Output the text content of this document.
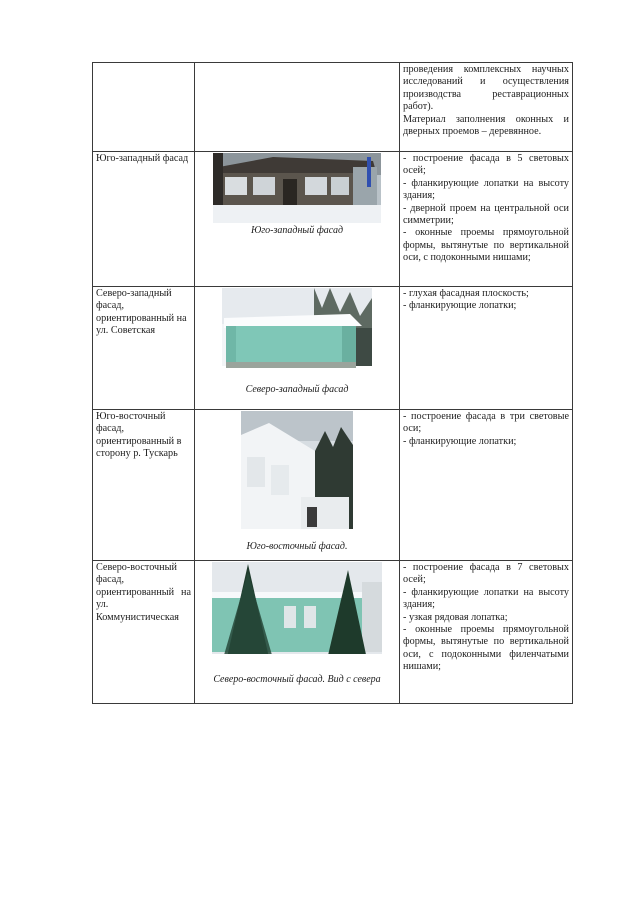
		проведения комплексных научных исследований и осуществления производства реставрационных работ).

Материал заполнения оконных и дверных проемов – деревянное.

Юго-западный фасад	Юго-западный фасад	- построение фасада в 5 световых осей;

- фланкирующие лопатки на высоту здания;

- дверной проем на центральной оси симметрии;

- оконные проемы прямоугольной формы, вытянутые по вертикальной оси, с подоконными нишами;

Северо-западный фасад, ориентированный на ул. Советская	Северо-западный фасад	- глухая фасадная плоскость;

- фланкирующие лопатки;

Юго-восточный фасад, ориентированный в сторону р. Тускарь	Юго-восточный фасад.	- построение фасада в три световые оси;

- фланкирующие лопатки;

Северо-восточный фасад, ориентированный на ул. Коммунистическая	Северо-восточный фасад. Вид с севера	- построение фасада в 7 световых осей;

- фланкирующие лопатки на высоту здания;

- узкая рядовая лопатка;

- оконные проемы прямоугольной формы, вытянутые по вертикальной оси, с подоконными филенчатыми нишами;
